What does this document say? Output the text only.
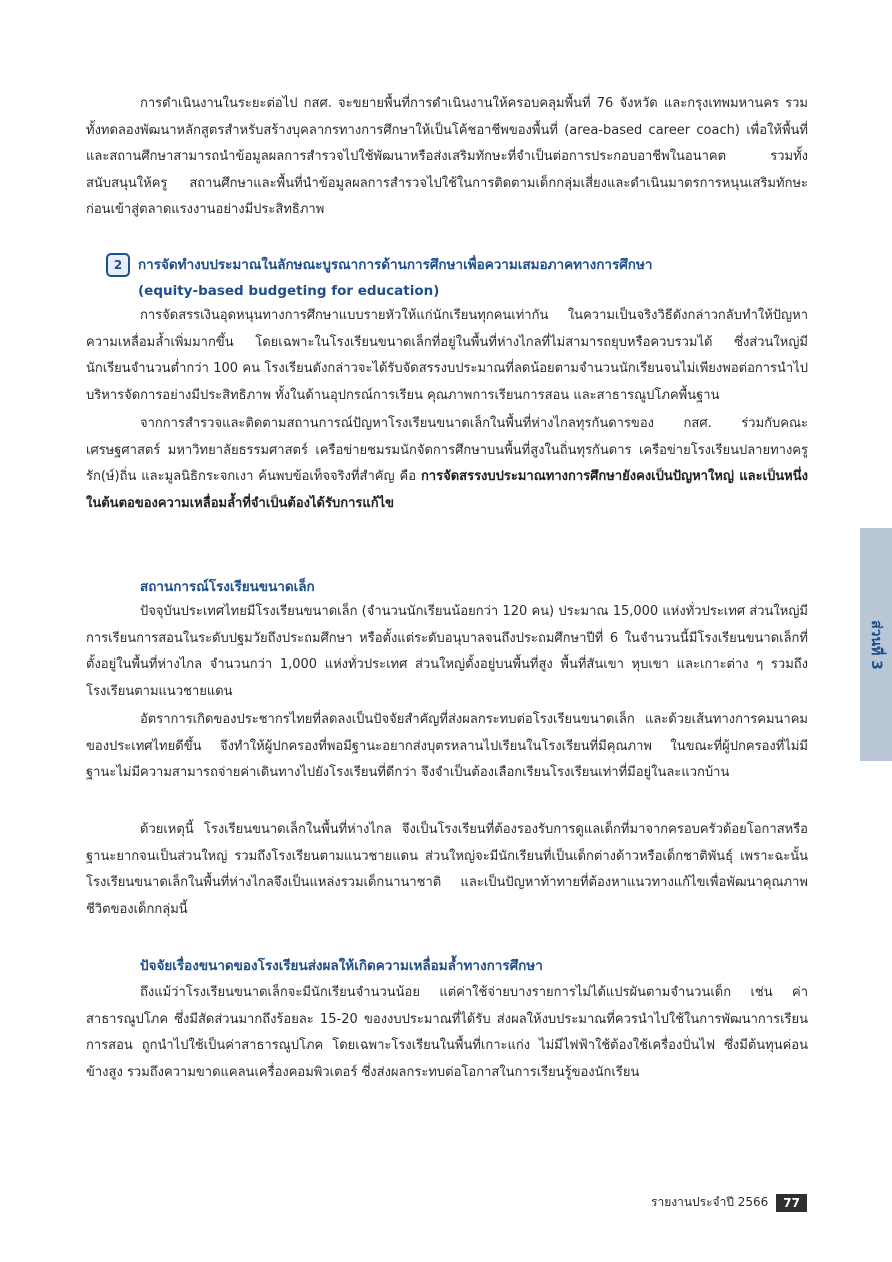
การดำเนินงานในระยะต่อไป กสศ. จะขยายพื้นที่การดำเนินงานให้ครอบคลุมพื้นที่ 76 จังหวัด และกรุงเทพมหานคร รวมทั้งทดลองพัฒนาหลักสูตรสำหรับสร้างบุคลากรทางการศึกษาให้เป็นโค้ชอาชีพของพื้นที่ (area-based career coach) เพื่อให้พื้นที่และสถานศึกษาสามารถนำข้อมูลผลการสำรวจไปใช้พัฒนาหรือส่งเสริมทักษะที่จำเป็นต่อการประกอบอาชีพในอนาคต รวมทั้งสนับสนุนให้ครู สถานศึกษาและพื้นที่นำข้อมูลผลการสำรวจไปใช้ในการติดตามเด็กกลุ่มเสี่ยงและดำเนินมาตรการหนุนเสริมทักษะก่อนเข้าสู่ตลาดแรงงานอย่างมีประสิทธิภาพ

2 การจัดทำงบประมาณในลักษณะบูรณาการด้านการศึกษาเพื่อความเสมอภาคทางการศึกษา
(equity-based budgeting for education)

การจัดสรรเงินอุดหนุนทางการศึกษาแบบรายหัวให้แก่นักเรียนทุกคนเท่ากัน ในความเป็นจริงวิธีดังกล่าวกลับทำให้ปัญหาความเหลื่อมล้ำเพิ่มมากขึ้น โดยเฉพาะในโรงเรียนขนาดเล็กที่อยู่ในพื้นที่ห่างไกลที่ไม่สามารถยุบหรือควบรวมได้ ซึ่งส่วนใหญ่มีนักเรียนจำนวนต่ำกว่า 100 คน โรงเรียนดังกล่าวจะได้รับจัดสรรงบประมาณที่ลดน้อยตามจำนวนนักเรียนจนไม่เพียงพอต่อการนำไปบริหารจัดการอย่างมีประสิทธิภาพ ทั้งในด้านอุปกรณ์การเรียน คุณภาพการเรียนการสอน และสาธารณูปโภคพื้นฐาน

จากการสำรวจและติดตามสถานการณ์ปัญหาโรงเรียนขนาดเล็กในพื้นที่ห่างไกลทุรกันดารของ กสศ. ร่วมกับคณะเศรษฐศาสตร์ มหาวิทยาลัยธรรมศาสตร์ เครือข่ายชมรมนักจัดการศึกษาบนพื้นที่สูงในถิ่นทุรกันดาร เครือข่ายโรงเรียนปลายทางครูรัก(ษ์)ถิ่น และมูลนิธิกระจกเงา ค้นพบข้อเท็จจริงที่สำคัญ คือ การจัดสรรงบประมาณทางการศึกษายังคงเป็นปัญหาใหญ่ และเป็นหนึ่งในต้นตอของความเหลื่อมล้ำที่จำเป็นต้องได้รับการแก้ไข

สถานการณ์โรงเรียนขนาดเล็ก

ปัจจุบันประเทศไทยมีโรงเรียนขนาดเล็ก (จำนวนนักเรียนน้อยกว่า 120 คน) ประมาณ 15,000 แห่งทั่วประเทศ ส่วนใหญ่มีการเรียนการสอนในระดับปฐมวัยถึงประถมศึกษา หรือตั้งแต่ระดับอนุบาลจนถึงประถมศึกษาปีที่ 6 ในจำนวนนี้มีโรงเรียนขนาดเล็กที่ตั้งอยู่ในพื้นที่ห่างไกล จำนวนกว่า 1,000 แห่งทั่วประเทศ ส่วนใหญ่ตั้งอยู่บนพื้นที่สูง พื้นที่สันเขา หุบเขา และเกาะต่าง ๆ รวมถึงโรงเรียนตามแนวชายแดน

อัตราการเกิดของประชากรไทยที่ลดลงเป็นปัจจัยสำคัญที่ส่งผลกระทบต่อโรงเรียนขนาดเล็ก และด้วยเส้นทางการคมนาคมของประเทศไทยดีขึ้น จึงทำให้ผู้ปกครองที่พอมีฐานะอยากส่งบุตรหลานไปเรียนในโรงเรียนที่มีคุณภาพ ในขณะที่ผู้ปกครองที่ไม่มีฐานะไม่มีความสามารถจ่ายค่าเดินทางไปยังโรงเรียนที่ดีกว่า จึงจำเป็นต้องเลือกเรียนโรงเรียนเท่าที่มีอยู่ในละแวกบ้าน

ด้วยเหตุนี้ โรงเรียนขนาดเล็กในพื้นที่ห่างไกล จึงเป็นโรงเรียนที่ต้องรองรับการดูแลเด็กที่มาจากครอบครัวด้อยโอกาสหรือฐานะยากจนเป็นส่วนใหญ่ รวมถึงโรงเรียนตามแนวชายแดน ส่วนใหญ่จะมีนักเรียนที่เป็นเด็กต่างด้าวหรือเด็กชาติพันธุ์ เพราะฉะนั้นโรงเรียนขนาดเล็กในพื้นที่ห่างไกลจึงเป็นแหล่งรวมเด็กนานาชาติ และเป็นปัญหาท้าทายที่ต้องหาแนวทางแก้ไขเพื่อพัฒนาคุณภาพชีวิตของเด็กกลุ่มนี้

ปัจจัยเรื่องขนาดของโรงเรียนส่งผลให้เกิดความเหลื่อมล้ำทางการศึกษา

ถึงแม้ว่าโรงเรียนขนาดเล็กจะมีนักเรียนจำนวนน้อย แต่ค่าใช้จ่ายบางรายการไม่ได้แปรผันตามจำนวนเด็ก เช่น ค่าสาธารณูปโภค ซึ่งมีสัดส่วนมากถึงร้อยละ 15-20 ของงบประมาณที่ได้รับ ส่งผลให้งบประมาณที่ควรนำไปใช้ในการพัฒนาการเรียนการสอน ถูกนำไปใช้เป็นค่าสาธารณูปโภค โดยเฉพาะโรงเรียนในพื้นที่เกาะแก่ง ไม่มีไฟฟ้าใช้ต้องใช้เครื่องปั่นไฟ ซึ่งมีต้นทุนค่อนข้างสูง รวมถึงความขาดแคลนเครื่องคอมพิวเตอร์ ซึ่งส่งผลกระทบต่อโอกาสในการเรียนรู้ของนักเรียน

ส่วนที่ 3
รายงานประจำปี 2566	77
